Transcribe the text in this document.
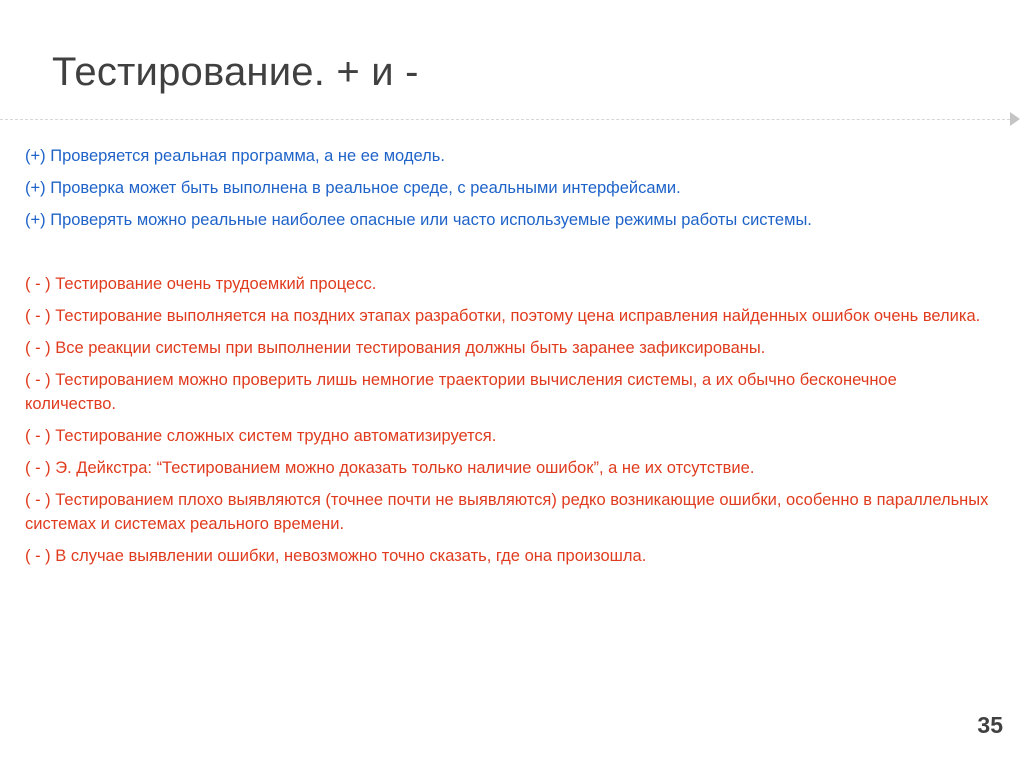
Тестирование. + и -

(+) Проверяется реальная программа, а не ее модель.

(+) Проверка может быть выполнена в реальное среде, с реальными интерфейсами.

(+) Проверять можно реальные наиболее опасные или часто используемые режимы работы системы.

( - ) Тестирование очень трудоемкий процесс.

( - ) Тестирование выполняется на поздних этапах разработки, поэтому цена исправления найденных ошибок очень велика.

( - ) Все реакции системы при выполнении тестирования должны быть заранее зафиксированы.

( - ) Тестированием можно проверить лишь немногие траектории вычисления системы, а их обычно бесконечное количество.

( - ) Тестирование сложных систем трудно автоматизируется.

( - ) Э. Дейкстра: “Тестированием можно доказать только наличие ошибок”, а не их отсутствие.

( - ) Тестированием плохо выявляются (точнее почти не выявляются) редко возникающие ошибки, особенно в параллельных системах и системах реального времени.

( - ) В случае выявлении ошибки, невозможно точно сказать, где она произошла.

35
